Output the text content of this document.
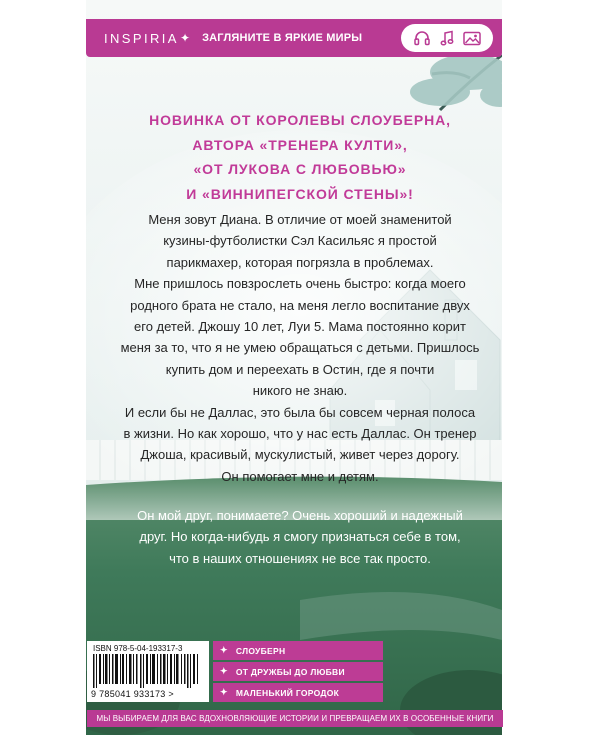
INSPIRIA ✦ ЗАГЛЯНИТЕ В ЯРКИЕ МИРЫ
НОВИНКА ОТ КОРОЛЕВЫ СЛОУБЕРНА,
АВТОРА «ТРЕНЕРА КУЛТИ»,
«ОТ ЛУКОВА С ЛЮБОВЬЮ»
И «ВИННИПЕГСКОЙ СТЕНЫ»!
Меня зовут Диана. В отличие от моей знаменитой
кузины-футболистки Сэл Касильяс я простой
парикмахер, которая погрязла в проблемах.
Мне пришлось повзрослеть очень быстро: когда моего
родного брата не стало, на меня легло воспитание двух
его детей. Джошу 10 лет, Луи 5. Мама постоянно корит
меня за то, что я не умею обращаться с детьми. Пришлось
купить дом и переехать в Остин, где я почти
никого не знаю.
И если бы не Даллас, это была бы совсем черная полоса
в жизни. Но как хорошо, что у нас есть Даллас. Он тренер
Джоша, красивый, мускулистый, живет через дорогу.
Он помогает мне и детям.
Он мой друг, понимаете? Очень хороший и надежный
друг. Но когда-нибудь я смогу признаться себе в том,
что в наших отношениях не все так просто.
ISBN 978-5-04-193317-3
9 785041 933173 >
✦ СЛОУБЕРН
✦ ОТ ДРУЖБЫ ДО ЛЮБВИ
✦ МАЛЕНЬКИЙ ГОРОДОК
МЫ ВЫБИРАЕМ ДЛЯ ВАС ВДОХНОВЛЯЮЩИЕ ИСТОРИИ И ПРЕВРАЩАЕМ ИХ В ОСОБЕННЫЕ КНИГИ
